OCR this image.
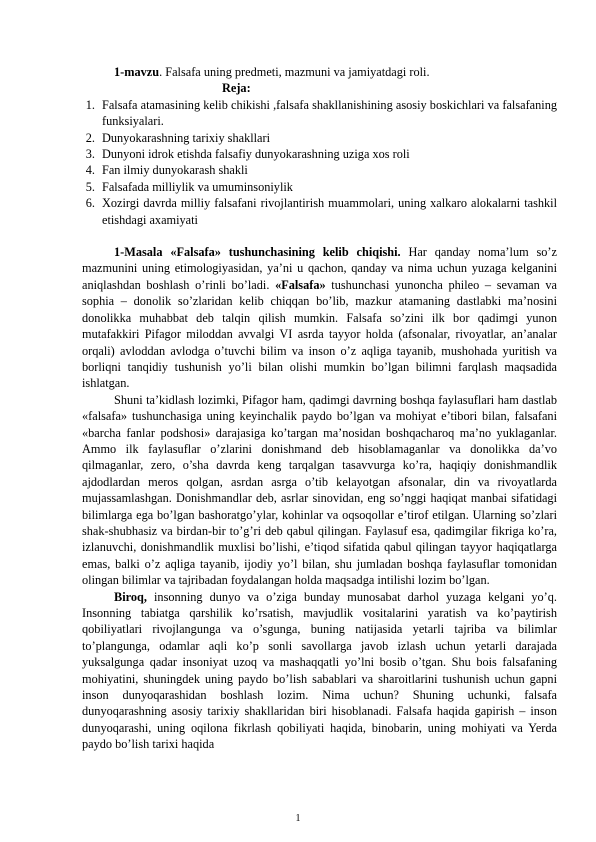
1-mavzu. Falsafa uning predmeti, mazmuni va jamiyatdagi roli.

Reja:

1. Falsafa atamasining kelib chikishi ,falsafa shakllanishining asosiy boskichlari va falsafaning funksiyalari.
2. Dunyokarashning tarixiy shakllari
3. Dunyoni idrok etishda falsafiy dunyokarashning uziga xos roli
4. Fan ilmiy dunyokarash shakli
5. Falsafada milliylik va umuminsoniylik
6. Xozirgi davrda milliy falsafani rivojlantirish muammolari, uning xalkaro alokalarni tashkil etishdagi axamiyati

1-Masala «Falsafa» tushunchasining kelib chiqishi. Har qanday noma’lum so’z mazmunini uning etimologiyasidan, ya’ni u qachon, qanday va nima uchun yuzaga kelganini aniqlashdan boshlash o’rinli bo’ladi. «Falsafa» tushunchasi yunoncha phileo – sevaman va sophia – donolik so’zlaridan kelib chiqqan bo’lib, mazkur atamaning dastlabki ma’nosini donolikka muhabbat deb talqin qilish mumkin. Falsafa so’zini ilk bor qadimgi yunon mutafakkiri Pifagor miloddan avvalgi VI asrda tayyor holda (afsonalar, rivoyatlar, an’analar orqali) avloddan avlodga o’tuvchi bilim va inson o’z aqliga tayanib, mushohada yuritish va borliqni tanqidiy tushunish yo’li bilan olishi mumkin bo’lgan bilimni farqlash maqsadida ishlatgan.

Shuni ta’kidlash lozimki, Pifagor ham, qadimgi davrning boshqa faylasuflari ham dastlab «falsafa» tushunchasiga uning keyinchalik paydo bo’lgan va mohiyat e’tibori bilan, falsafani «barcha fanlar podshosi» darajasiga ko’targan ma’nosidan boshqacharoq ma’no yuklaganlar. Ammo ilk faylasuflar o’zlarini donishmand deb hisoblamaganlar va donolikka da’vo qilmaganlar, zero, o’sha davrda keng tarqalgan tasavvurga ko’ra, haqiqiy donishmandlik ajdodlardan meros qolgan, asrdan asrga o’tib kelayotgan afsonalar, din va rivoyatlarda mujassamlashgan. Donishmandlar deb, asrlar sinovidan, eng so’nggi haqiqat manbai sifatidagi bilimlarga ega bo’lgan bashoratgo’ylar, kohinlar va oqsoqollar e’tirof etilgan. Ularning so’zlari shak-shubhasiz va birdan-bir to’g’ri deb qabul qilingan. Faylasuf esa, qadimgilar fikriga ko’ra, izlanuvchi, donishmandlik muxlisi bo’lishi, e’tiqod sifatida qabul qilingan tayyor haqiqatlarga emas, balki o’z aqliga tayanib, ijodiy yo’l bilan, shu jumladan boshqa faylasuflar tomonidan olingan bilimlar va tajribadan foydalangan holda maqsadga intilishi lozim bo’lgan.

Biroq, insonning dunyo va o’ziga bunday munosabat darhol yuzaga kelgani yo’q. Insonning tabiatga qarshilik ko’rsatish, mavjudlik vositalarini yaratish va ko’paytirish qobiliyatlari rivojlangunga va o’sgunga, buning natijasida yetarli tajriba va bilimlar to’plangunga, odamlar aqli ko’p sonli savollarga javob izlash uchun yetarli darajada yuksalgunga qadar insoniyat uzoq va mashaqqatli yo’lni bosib o’tgan. Shu bois falsafaning mohiyatini, shuningdek uning paydo bo’lish sabablari va sharoitlarini tushunish uchun gapni inson dunyoqarashidan boshlash lozim. Nima uchun? Shuning uchunki, falsafa dunyoqarashning asosiy tarixiy shakllaridan biri hisoblanadi. Falsafa haqida gapirish – inson dunyoqarashi, uning oqilona fikrlash qobiliyati haqida, binobarin, uning mohiyati va Yerda paydo bo’lish tarixi haqida

1
